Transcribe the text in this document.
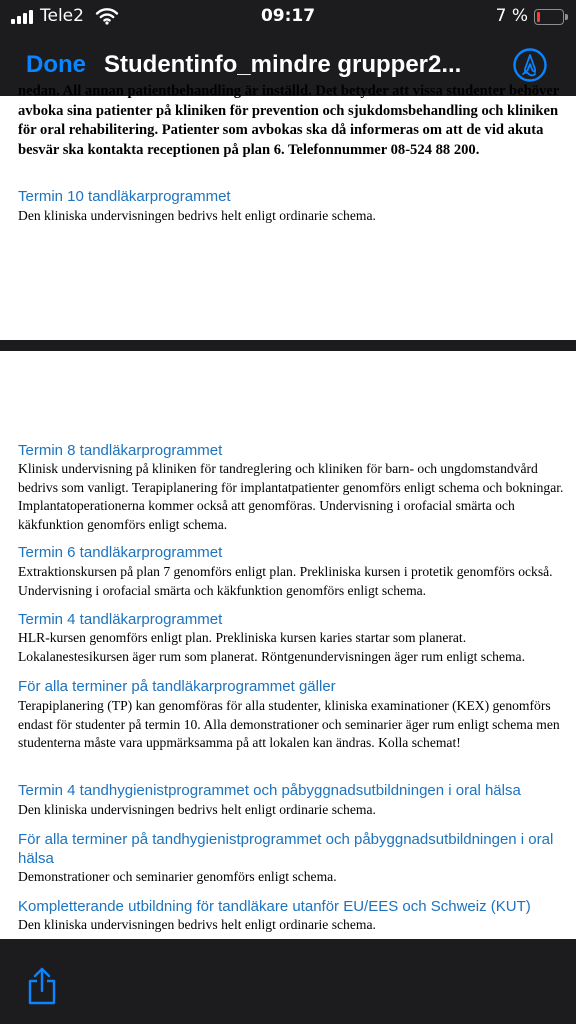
Tele2	09:17	7 %
Done Studentinfo_mindre grupper2...
nedan. All annan patientbehandling är inställd. Det betyder att vissa studenter behöver
avboka sina patienter på kliniken för prevention och sjukdomsbehandling och kliniken
för oral rehabilitering. Patienter som avbokas ska då informeras om att de vid akuta
besvär ska kontakta receptionen på plan 6. Telefonnummer 08-524 88 200.
Termin 10 tandläkarprogrammet
Den kliniska undervisningen bedrivs helt enligt ordinarie schema.
Termin 8 tandläkarprogrammet
Klinisk undervisning på kliniken för tandreglering och kliniken för barn- och ungdomstandvård bedrivs som vanligt. Terapiplanering för implantatpatienter genomförs enligt schema och bokningar. Implantatoperationerna kommer också att genomföras. Undervisning i orofacial smärta och käkfunktion genomförs enligt schema.
Termin 6 tandläkarprogrammet
Extraktionskursen på plan 7 genomförs enligt plan. Prekliniska kursen i protetik genomförs också. Undervisning i orofacial smärta och käkfunktion genomförs enligt schema.
Termin 4 tandläkarprogrammet
HLR-kursen genomförs enligt plan. Prekliniska kursen karies startar som planerat. Lokalanestesikursen äger rum som planerat. Röntgenundervisningen äger rum enligt schema.
För alla terminer på tandläkarprogrammet gäller
Terapiplanering (TP) kan genomföras för alla studenter, kliniska examinationer (KEX) genomförs endast för studenter på termin 10. Alla demonstrationer och seminarier äger rum enligt schema men studenterna måste vara uppmärksamma på att lokalen kan ändras. Kolla schemat!
Termin 4 tandhygienistprogrammet och påbyggnadsutbildningen i oral hälsa
Den kliniska undervisningen bedrivs helt enligt ordinarie schema.
För alla terminer på tandhygienistprogrammet och påbyggnadsutbildningen i oral hälsa
Demonstrationer och seminarier genomförs enligt schema.
Kompletterande utbildning för tandläkare utanför EU/EES och Schweiz (KUT)
Den kliniska undervisningen bedrivs helt enligt ordinarie schema.
